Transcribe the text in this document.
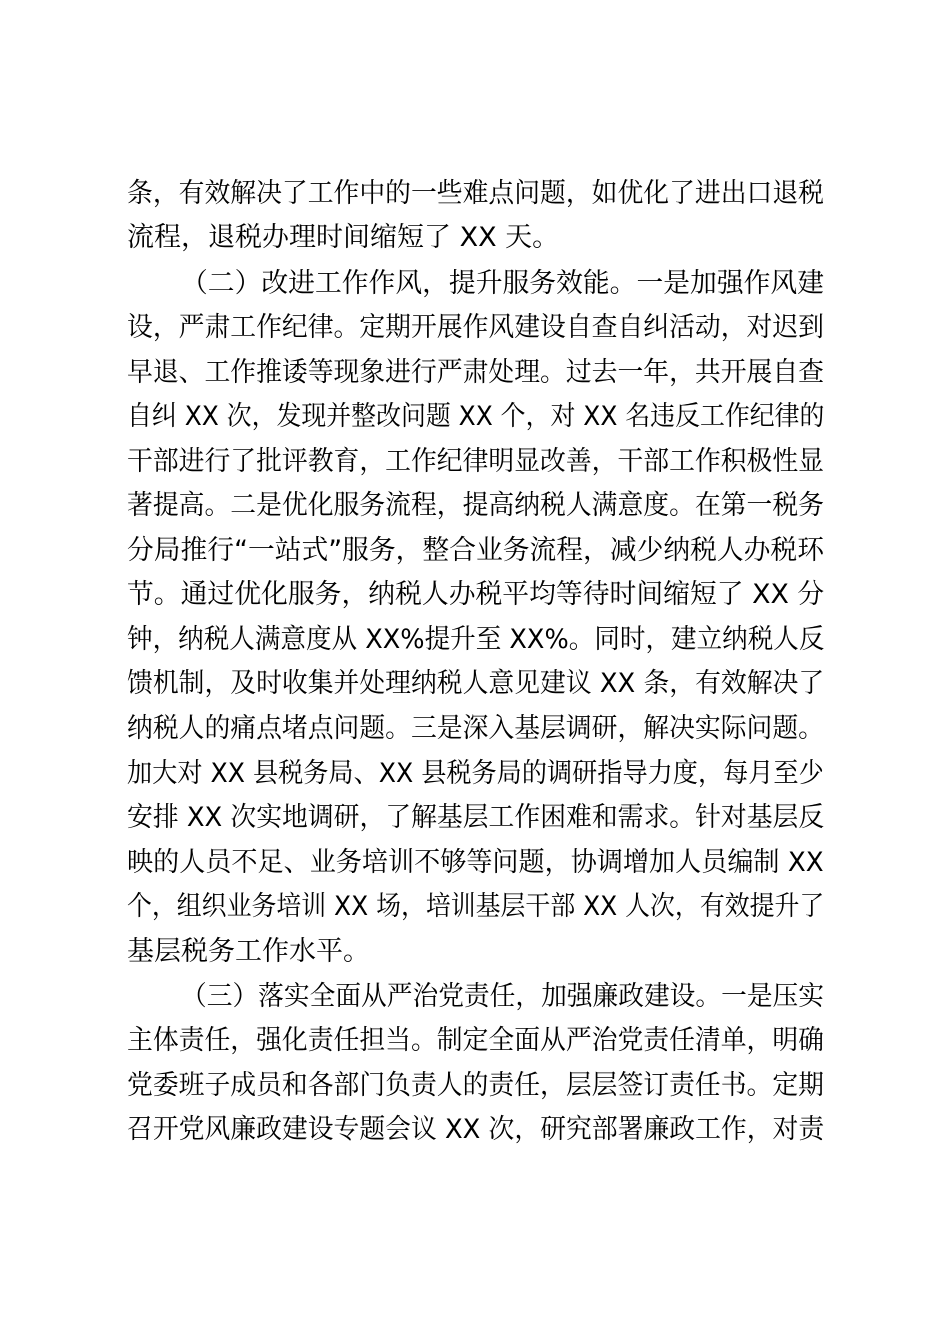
条，有效解决了工作中的一些难点问题，如优化了进出口退税

流程，退税办理时间缩短了 XX 天。

（二）改进工作作风，提升服务效能。一是加强作风建

设，严肃工作纪律。定期开展作风建设自查自纠活动，对迟到

早退、工作推诿等现象进行严肃处理。过去一年，共开展自查

自纠 XX 次，发现并整改问题 XX 个，对 XX 名违反工作纪律的

干部进行了批评教育，工作纪律明显改善，干部工作积极性显

著提高。二是优化服务流程，提高纳税人满意度。在第一税务

分局推行“一站式”服务，整合业务流程，减少纳税人办税环

节。通过优化服务，纳税人办税平均等待时间缩短了 XX 分

钟，纳税人满意度从 XX%提升至 XX%。同时，建立纳税人反

馈机制，及时收集并处理纳税人意见建议 XX 条，有效解决了

纳税人的痛点堵点问题。三是深入基层调研，解决实际问题。

加大对 XX 县税务局、XX 县税务局的调研指导力度，每月至少

安排 XX 次实地调研，了解基层工作困难和需求。针对基层反

映的人员不足、业务培训不够等问题，协调增加人员编制 XX

个，组织业务培训 XX 场，培训基层干部 XX 人次，有效提升了

基层税务工作水平。

（三）落实全面从严治党责任，加强廉政建设。一是压实

主体责任，强化责任担当。制定全面从严治党责任清单，明确

党委班子成员和各部门负责人的责任，层层签订责任书。定期

召开党风廉政建设专题会议 XX 次，研究部署廉政工作，对责
